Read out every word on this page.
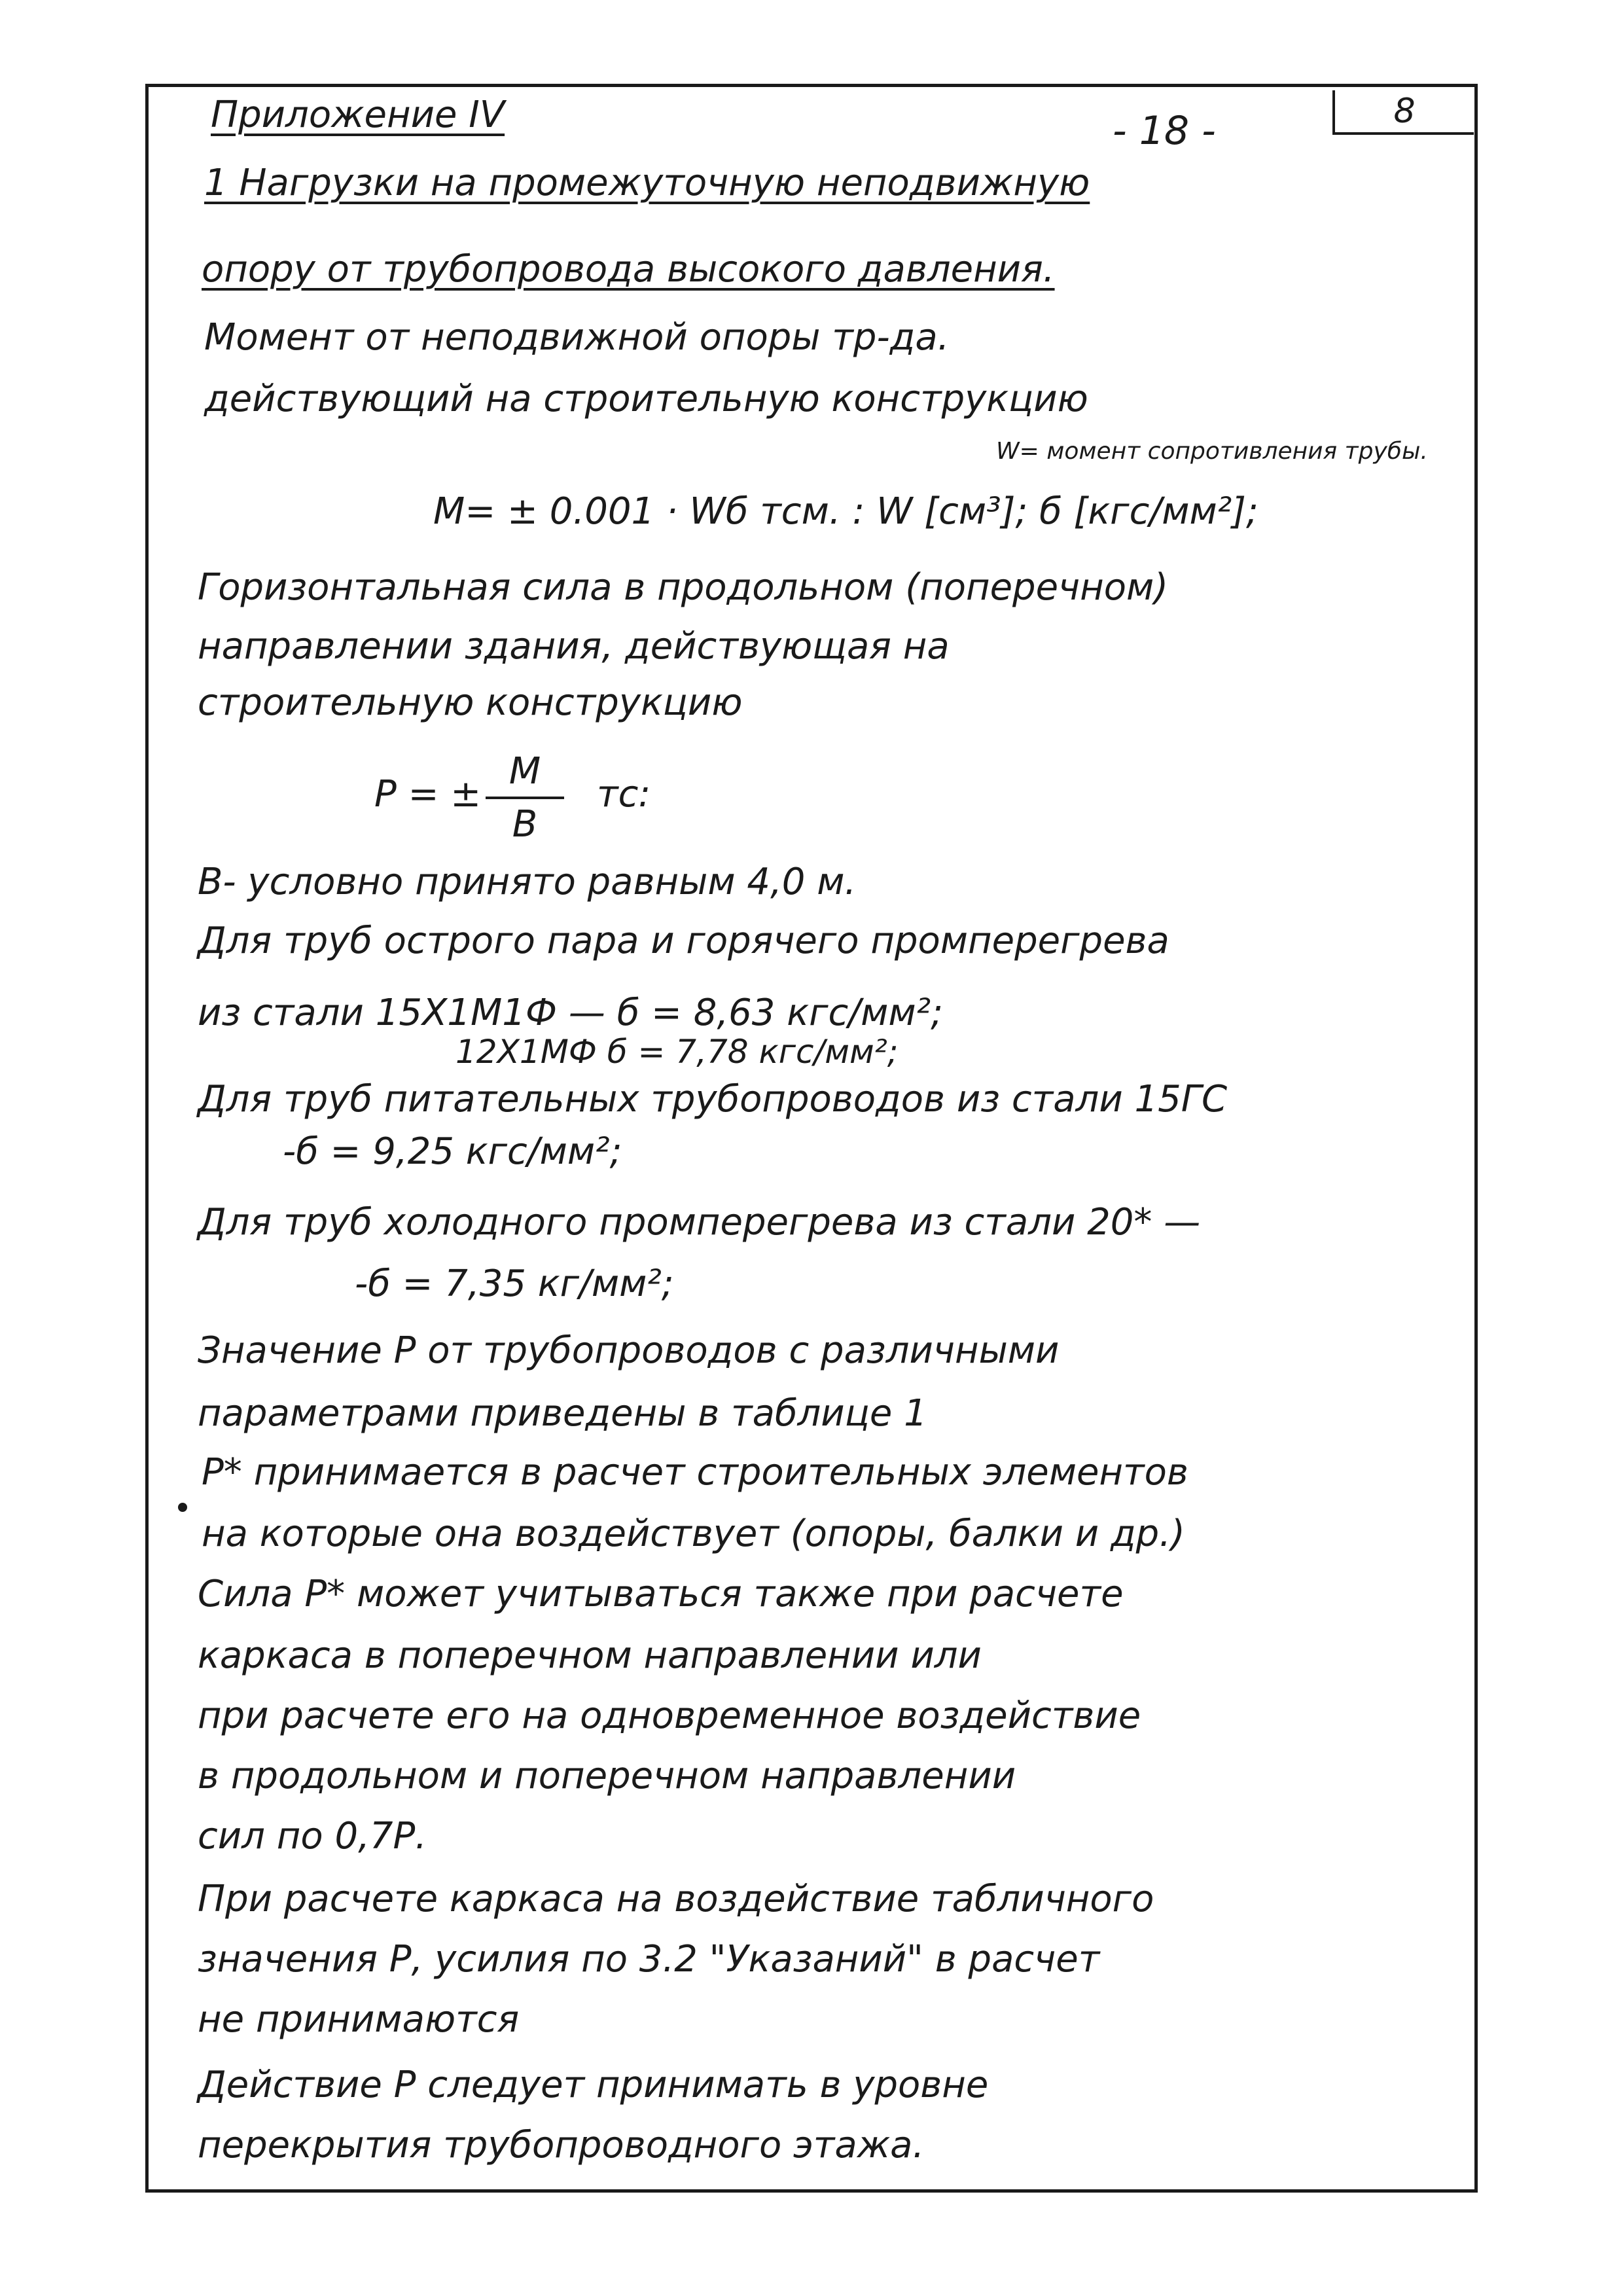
Приложение IV	- 18 -	8
1 Нагрузки на промежуточную неподвижную
опору от трубопровода высокого давления.
Момент от неподвижной опоры тр-да.
действующий на строительную конструкцию
W= момент сопротивления трубы.
M= ± 0.001 · Wб тсм. : W [см³]; б [кгс/мм²];
Горизонтальная сила в продольном (поперечном)
направлении здания, действующая на
строительную конструкцию
Р = ±
М
В
тс:
В- условно принято равным 4,0 м.
Для труб острого пара и горячего промперегрева
из стали 15Х1М1Ф — б = 8,63 кгс/мм²;
12Х1МФ б = 7,78 кгс/мм²;
Для труб питательных трубопроводов из стали 15ГС
-б = 9,25 кгс/мм²;
Для труб холодного промперегрева из стали 20* —
-б = 7,35 кг/мм²;
Значение Р от трубопроводов с различными
параметрами приведены в таблице 1
Р* принимается в расчет строительных элементов
на которые она воздействует (опоры, балки и др.)
Сила Р* может учитываться также при расчете
каркаса в поперечном направлении или
при расчете его на одновременное воздействие
в продольном и поперечном направлении
сил по 0,7Р.
При расчете каркаса на воздействие табличного
значения Р, усилия по 3.2 "Указаний" в расчет
не принимаются
Действие Р следует принимать в уровне
перекрытия трубопроводного этажа.
